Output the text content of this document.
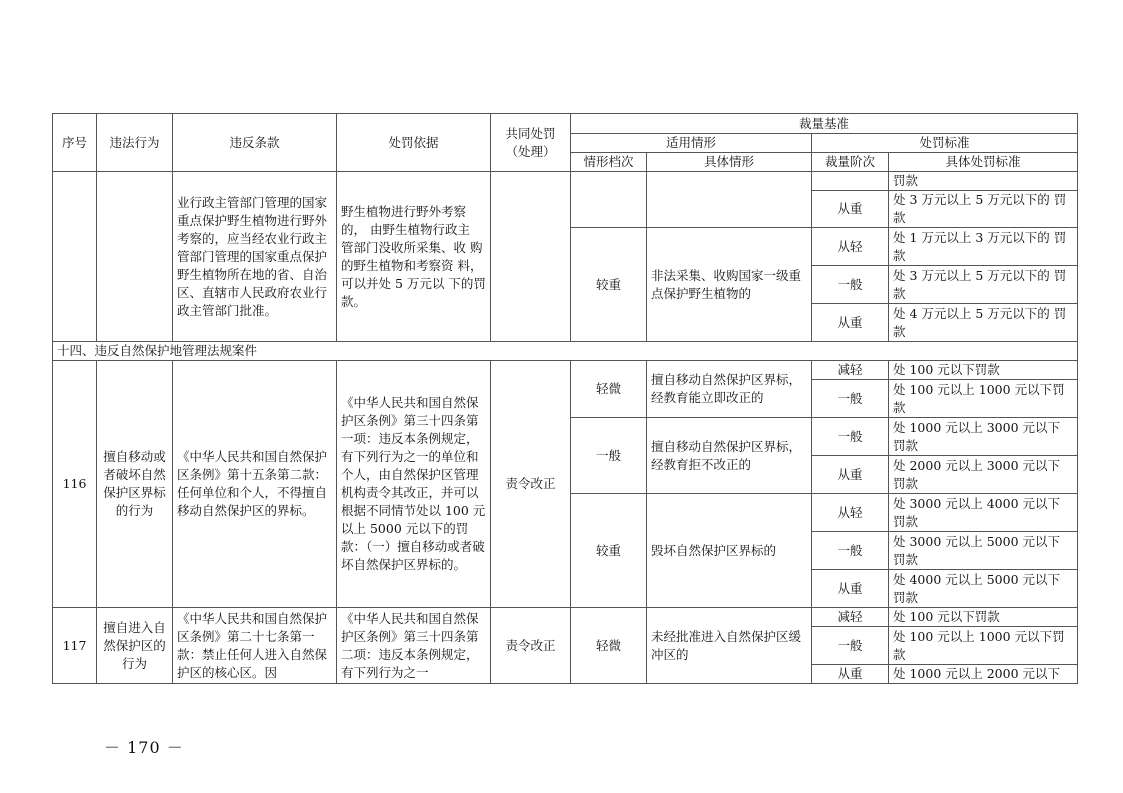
序号	违法行为	违反条款	处罚依据	共同处罚（处理）	裁量基准			
					适用情形		处罚标准	
					情形档次	具体情形	裁量阶次	具体处罚标准
		业行政主管部门管理的国家重点保护野生植物进行野外考察的，应当经农业行政主管部门管理的国家重点保护野生植物所在地的省、自治区、直辖市人民政府农业行政主管部门批准。	野生植物进行野外考察的， 由野生植物行政主 管部门没收所采集、收 购的野生植物和考察资 料，可以并处 5 万元以 下的罚款。					罚款
							从重	处 3 万元以上 5 万元以下的 罚款
					较重	非法采集、收购国家一级重点保护野生植物的	从轻	处 1 万元以上 3 万元以下的 罚款
							一般	处 3 万元以上 5 万元以下的 罚款
							从重	处 4 万元以上 5 万元以下的 罚款
十四、违反自然保护地管理法规案件								
116	擅自移动或者破坏自然保护区界标的行为	《中华人民共和国自然保护区条例》第十五条第二款：任何单位和个人，不得擅自移动自然保护区的界标。	《中华人民共和国自然保护区条例》第三十四条第一项：违反本条例规定，有下列行为之一的单位和个人，由自然保护区管理机构责令其改正，并可以根据不同情节处以 100 元以上 5000 元以下的罚款：（一）擅自移动或者破 坏自然保护区界标的。	责令改正	轻微	擅自移动自然保护区界标，经教育能立即改正的	减轻	处 100 元以下罚款
							一般	处 100 元以上 1000 元以下罚 款
					一般	擅自移动自然保护区界标，经教育拒不改正的	一般	处 1000 元以上 3000 元以下 罚款
							从重	处 2000 元以上 3000 元以下 罚款
					较重	毁坏自然保护区界标的	从轻	处 3000 元以上 4000 元以下 罚款
							一般	处 3000 元以上 5000 元以下 罚款
							从重	处 4000 元以上 5000 元以下 罚款
117	擅自进入自然保护区的行为	《中华人民共和国自然保护区条例》第二十七条第一款：禁止任何人进入自然保护区的核心区。因	《中华人民共和国自然保护区条例》第三十四条第二项：违反本条例规定，有下列行为之一	责令改正	轻微	未经批准进入自然保护区缓冲区的	减轻	处 100 元以下罚款
							一般	处 100 元以上 1000 元以下罚 款
							从重	处 1000 元以上 2000 元以下
－ 170 －
